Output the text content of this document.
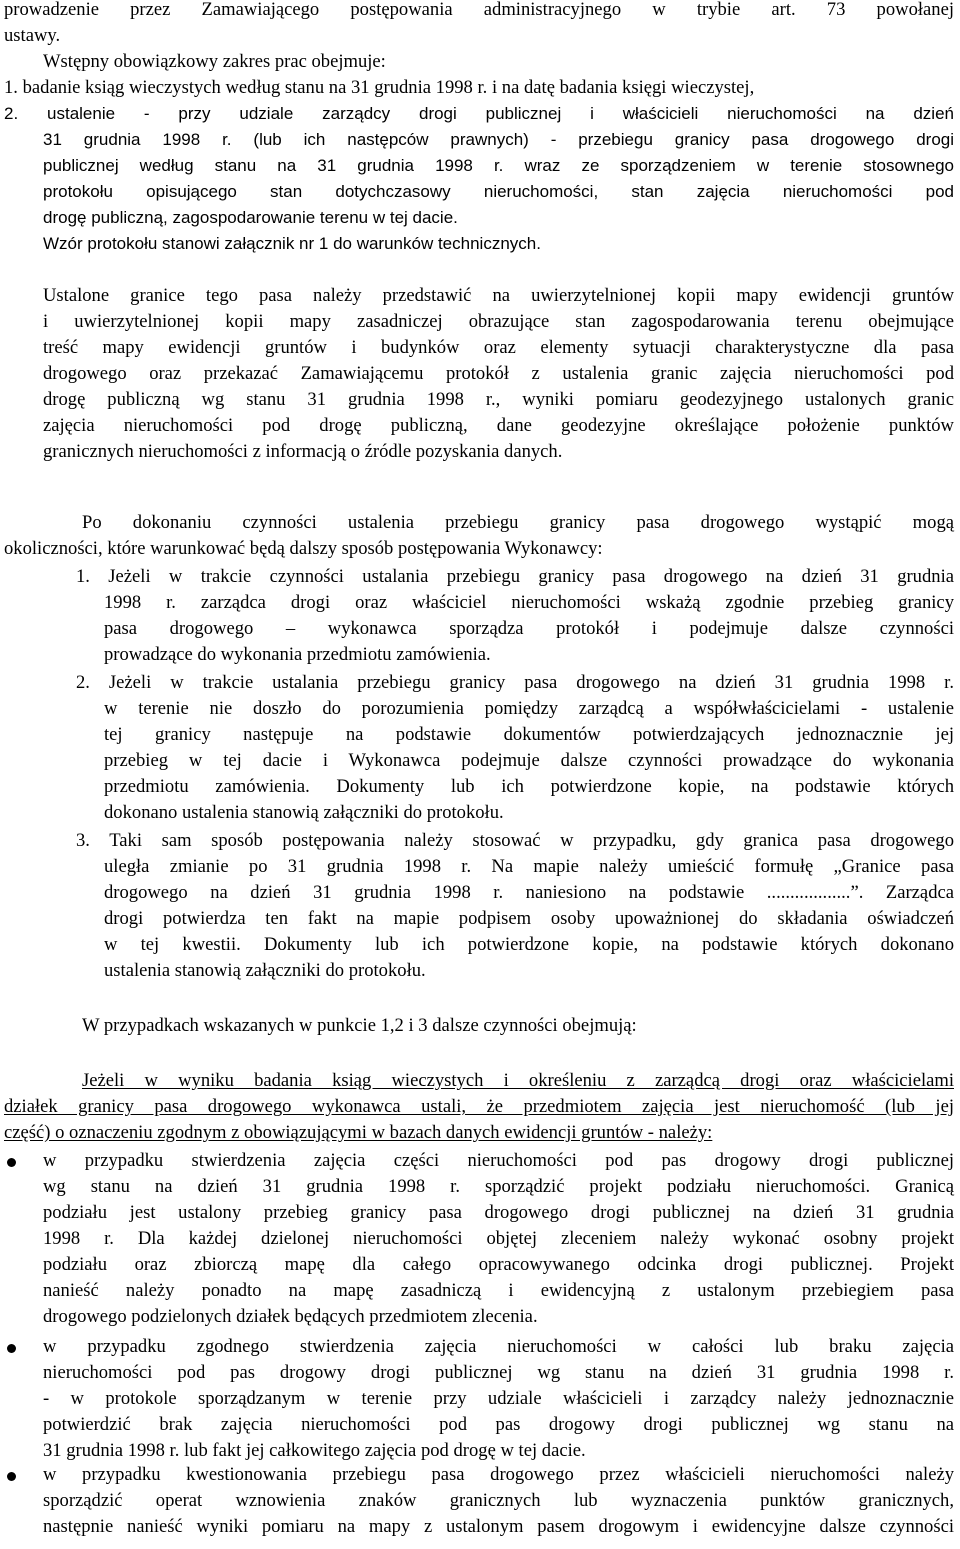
prowadzenie przez Zamawiającego postępowania administracyjnego w trybie art. 73 powołanej
ustawy.
Wstępny obowiązkowy zakres prac obejmuje:
1. badanie ksiąg wieczystych według stanu na 31 grudnia 1998 r. i na datę badania księgi wieczystej,
2. ustalenie - przy udziale zarządcy drogi publicznej i właścicieli nieruchomości na dzień
31 grudnia 1998 r. (lub ich następców prawnych) - przebiegu granicy pasa drogowego drogi
publicznej według stanu na 31 grudnia 1998 r. wraz ze sporządzeniem w terenie stosownego
protokołu opisującego stan dotychczasowy nieruchomości, stan zajęcia nieruchomości pod
drogę publiczną, zagospodarowanie terenu w tej dacie.
Wzór protokołu stanowi załącznik nr 1 do warunków technicznych.
Ustalone granice tego pasa należy przedstawić na uwierzytelnionej kopii mapy ewidencji gruntów
i uwierzytelnionej kopii mapy zasadniczej obrazujące stan zagospodarowania terenu obejmujące
treść mapy ewidencji gruntów i budynków oraz elementy sytuacji charakterystyczne dla pasa
drogowego oraz przekazać Zamawiającemu protokół z ustalenia granic zajęcia nieruchomości pod
drogę publiczną wg stanu 31 grudnia 1998 r., wyniki pomiaru geodezyjnego ustalonych granic
zajęcia nieruchomości pod drogę publiczną, dane geodezyjne określające położenie punktów
granicznych nieruchomości z informacją o źródle pozyskania danych.
Po dokonaniu czynności ustalenia przebiegu granicy pasa drogowego wystąpić mogą
okoliczności, które warunkować będą dalszy sposób postępowania Wykonawcy:
1. Jeżeli w trakcie czynności ustalania przebiegu granicy pasa drogowego na dzień 31 grudnia
1998 r. zarządca drogi oraz właściciel nieruchomości wskażą zgodnie przebieg granicy
pasa drogowego – wykonawca sporządza protokół i podejmuje dalsze czynności
prowadzące do wykonania przedmiotu zamówienia.
2. Jeżeli w trakcie ustalania przebiegu granicy pasa drogowego na dzień 31 grudnia 1998 r.
w terenie nie doszło do porozumienia pomiędzy zarządcą a współwłaścicielami - ustalenie
tej granicy następuje na podstawie dokumentów potwierdzających jednoznacznie jej
przebieg w tej dacie i Wykonawca podejmuje dalsze czynności prowadzące do wykonania
przedmiotu zamówienia. Dokumenty lub ich potwierdzone kopie, na podstawie których
dokonano ustalenia stanowią załączniki do protokołu.
3. Taki sam sposób postępowania należy stosować w przypadku, gdy granica pasa drogowego
uległa zmianie po 31 grudnia 1998 r. Na mapie należy umieścić formułę „Granice pasa
drogowego na dzień 31 grudnia 1998 r. naniesiono na podstawie ..................”. Zarządca
drogi potwierdza ten fakt na mapie podpisem osoby upoważnionej do składania oświadczeń
w tej kwestii. Dokumenty lub ich potwierdzone kopie, na podstawie których dokonano
ustalenia stanowią załączniki do protokołu.
W przypadkach wskazanych w punkcie 1,2 i 3 dalsze czynności obejmują:
Jeżeli w wyniku badania ksiąg wieczystych i określeniu z zarządcą drogi oraz właścicielami
działek granicy pasa drogowego wykonawca ustali, że przedmiotem zajęcia jest nieruchomość (lub jej
część) o oznaczeniu zgodnym z obowiązującymi w bazach danych ewidencji gruntów - należy:
w przypadku stwierdzenia zajęcia części nieruchomości pod pas drogowy drogi publicznej
wg stanu na dzień 31 grudnia 1998 r. sporządzić projekt podziału nieruchomości. Granicą
podziału jest ustalony przebieg granicy pasa drogowego drogi publicznej na dzień 31 grudnia
1998 r. Dla każdej dzielonej nieruchomości objętej zleceniem należy wykonać osobny projekt
podziału oraz zbiorczą mapę dla całego opracowywanego odcinka drogi publicznej. Projekt
nanieść należy ponadto na mapę zasadniczą i ewidencyjną z ustalonym przebiegiem pasa
drogowego podzielonych działek będących przedmiotem zlecenia.
w przypadku zgodnego stwierdzenia zajęcia nieruchomości w całości lub braku zajęcia
nieruchomości pod pas drogowy drogi publicznej wg stanu na dzień 31 grudnia 1998 r.
- w protokole sporządzanym w terenie przy udziale właścicieli i zarządcy należy jednoznacznie
potwierdzić brak zajęcia nieruchomości pod pas drogowy drogi publicznej wg stanu na
31 grudnia 1998 r. lub fakt jej całkowitego zajęcia pod drogę w tej dacie.
w przypadku kwestionowania przebiegu pasa drogowego przez właścicieli nieruchomości należy
sporządzić operat wznowienia znaków granicznych lub wyznaczenia punktów granicznych,
następnie nanieść wyniki pomiaru na mapy z ustalonym pasem drogowym i ewidencyjne dalsze czynności
